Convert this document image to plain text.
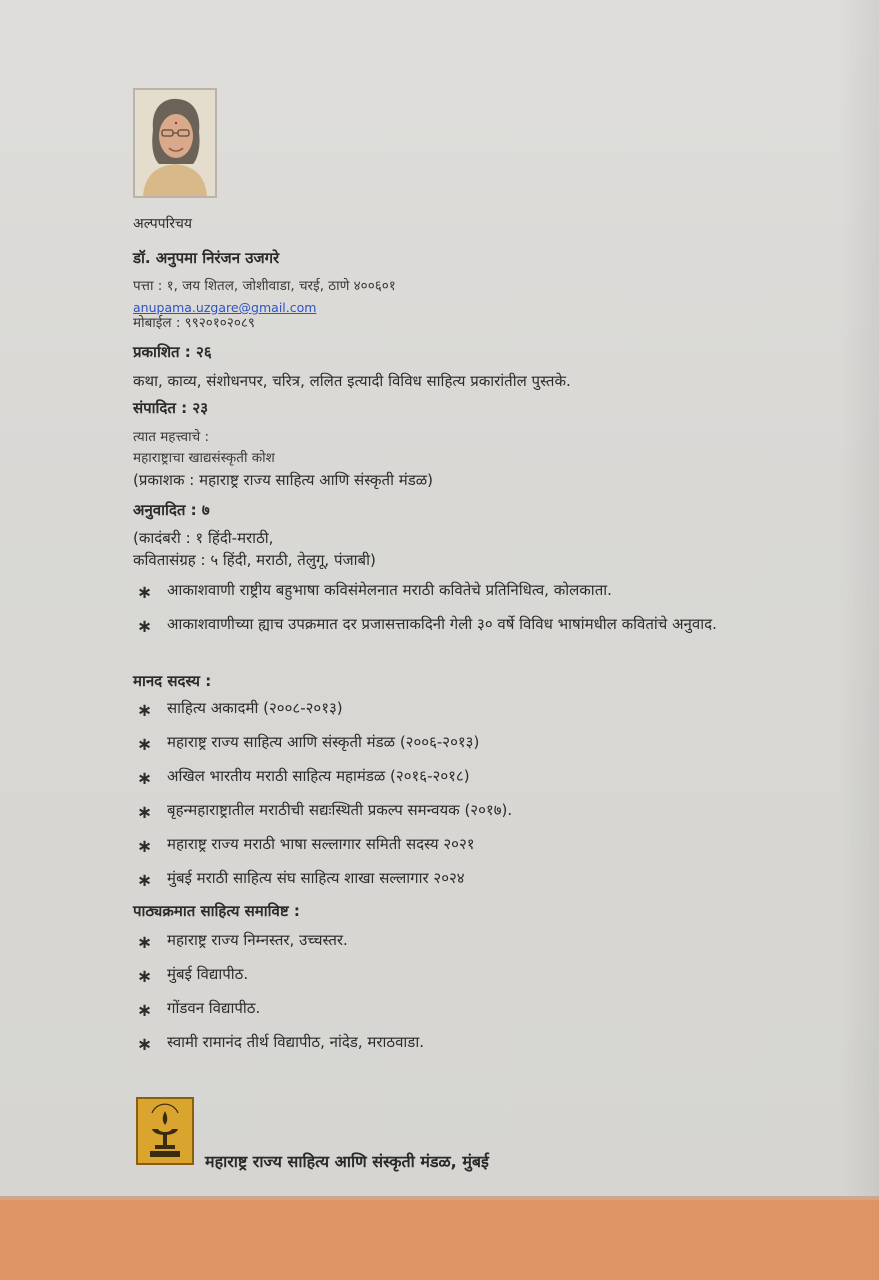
अल्पपरिचय
डॉ. अनुपमा निरंजन उजगरे
पत्ता : १, जय शितल, जोशीवाडा, चरई, ठाणे ४००६०१
anupama.uzgare@gmail.com
मोबाईल : ९९२०१०२०८९
प्रकाशित : २६
कथा, काव्य, संशोधनपर, चरित्र, ललित इत्यादी विविध साहित्य प्रकारांतील पुस्तके.
संपादित : २३
त्यात महत्त्वाचे :
महाराष्ट्राचा खाद्यसंस्कृती कोश
(प्रकाशक : महाराष्ट्र राज्य साहित्य आणि संस्कृती मंडळ)
अनुवादित : ७
(कादंबरी : १ हिंदी-मराठी,
कवितासंग्रह : ५ हिंदी, मराठी, तेलुगू, पंजाबी)
∗ आकाशवाणी राष्ट्रीय बहुभाषा कविसंमेलनात मराठी कवितेचे प्रतिनिधित्व, कोलकाता.
∗ आकाशवाणीच्या ह्याच उपक्रमात दर प्रजासत्ताकदिनी गेली ३० वर्षे विविध भाषांमधील कवितांचे अनुवाद.
मानद सदस्य :
∗ साहित्य अकादमी (२००८-२०१३)
∗ महाराष्ट्र राज्य साहित्य आणि संस्कृती मंडळ (२००६-२०१३)
∗ अखिल भारतीय मराठी साहित्य महामंडळ (२०१६-२०१८)
∗ बृहन्महाराष्ट्रातील मराठीची सद्यःस्थिती प्रकल्प समन्वयक (२०१७).
∗ महाराष्ट्र राज्य मराठी भाषा सल्लागार समिती सदस्य २०२१
∗ मुंबई मराठी साहित्य संघ साहित्य शाखा सल्लागार २०२४
पाठ्यक्रमात साहित्य समाविष्ट :
∗ महाराष्ट्र राज्य निम्नस्तर, उच्चस्तर.
∗ मुंबई विद्यापीठ.
∗ गोंडवन विद्यापीठ.
∗ स्वामी रामानंद तीर्थ विद्यापीठ, नांदेड, मराठवाडा.
महाराष्ट्र राज्य साहित्य आणि संस्कृती मंडळ, मुंबई
